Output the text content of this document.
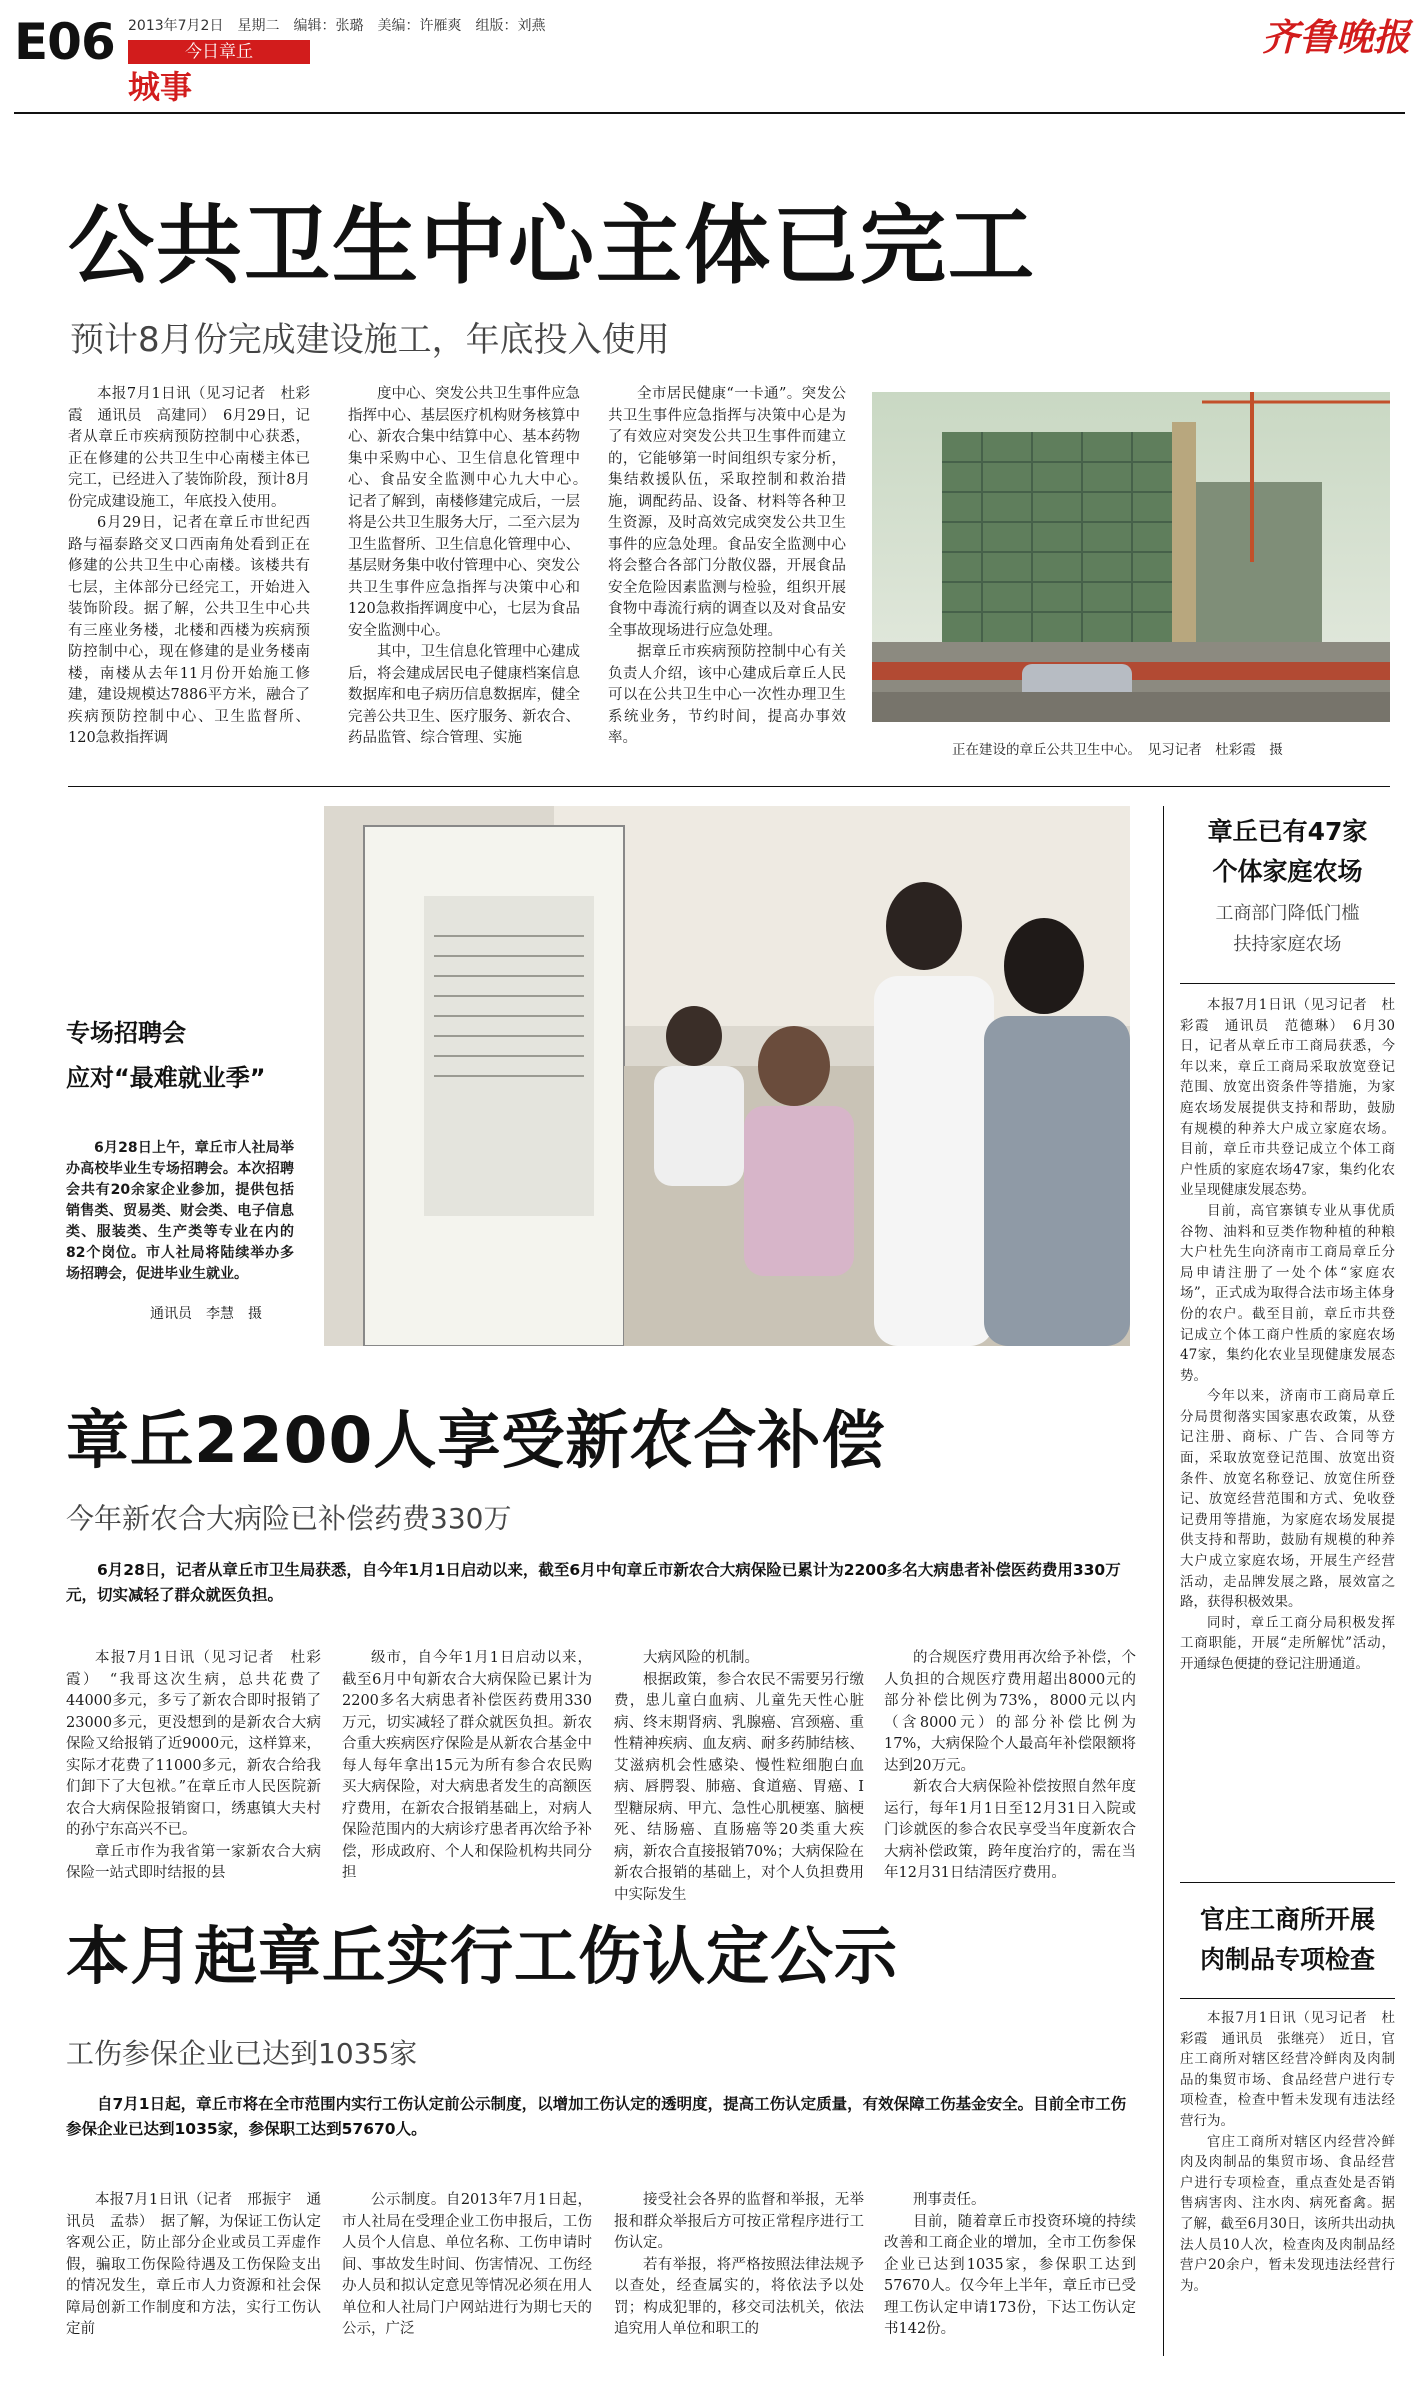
E06 2013年7月2日　星期二　编辑：张璐　美编：许雁爽　组版：刘燕
今日章丘
城事
齐鲁晚报
公共卫生中心主体已完工
预计8月份完成建设施工，年底投入使用

本报7月1日讯（见习记者　杜彩霞　通讯员　高建同）　6月29日，记者从章丘市疾病预防控制中心获悉，正在修建的公共卫生中心南楼主体已完工，已经进入了装饰阶段，预计8月份完成建设施工，年底投入使用。

6月29日，记者在章丘市世纪西路与福泰路交叉口西南角处看到正在修建的公共卫生中心南楼。该楼共有七层，主体部分已经完工，开始进入装饰阶段。据了解，公共卫生中心共有三座业务楼，北楼和西楼为疾病预防控制中心，现在修建的是业务楼南楼，南楼从去年11月份开始施工修建，建设规模达7886平方米，融合了疾病预防控制中心、卫生监督所、120急救指挥调

度中心、突发公共卫生事件应急指挥中心、基层医疗机构财务核算中心、新农合集中结算中心、基本药物集中采购中心、卫生信息化管理中心、食品安全监测中心九大中心。　记者了解到，南楼修建完成后，一层将是公共卫生服务大厅，二至六层为卫生监督所、卫生信息化管理中心、基层财务集中收付管理中心、突发公共卫生事件应急指挥与决策中心和120急救指挥调度中心，七层为食品安全监测中心。

其中，卫生信息化管理中心建成后，将会建成居民电子健康档案信息数据库和电子病历信息数据库，健全完善公共卫生、医疗服务、新农合、药品监管、综合管理、实施

全市居民健康“一卡通”。突发公共卫生事件应急指挥与决策中心是为了有效应对突发公共卫生事件而建立的，它能够第一时间组织专家分析，集结救援队伍，采取控制和救治措施，调配药品、设备、材料等各种卫生资源，及时高效完成突发公共卫生事件的应急处理。食品安全监测中心将会整合各部门分散仪器，开展食品安全危险因素监测与检验，组织开展食物中毒流行病的调查以及对食品安全事故现场进行应急处理。

据章丘市疾病预防控制中心有关负责人介绍，该中心建成后章丘人民可以在公共卫生中心一次性办理卫生系统业务，节约时间，提高办事效率。

正在建设的章丘公共卫生中心。　见习记者　杜彩霞　摄
专场招聘会
应对“最难就业季”
6月28日上午，章丘市人社局举办高校毕业生专场招聘会。本次招聘会共有20余家企业参加，提供包括销售类、贸易类、财会类、电子信息类、服装类、生产类等专业在内的82个岗位。市人社局将陆续举办多场招聘会，促进毕业生就业。
通讯员　李慧　摄
章丘2200人享受新农合补偿
今年新农合大病险已补偿药费330万
6月28日，记者从章丘市卫生局获悉，自今年1月1日启动以来，截至6月中旬章丘市新农合大病保险已累计为2200多名大病患者补偿医药费用330万元，切实减轻了群众就医负担。

本报7月1日讯（见习记者　杜彩霞）　“我哥这次生病，总共花费了44000多元，多亏了新农合即时报销了23000多元，更没想到的是新农合大病保险又给报销了近9000元，这样算来，实际才花费了11000多元，新农合给我们卸下了大包袱。”在章丘市人民医院新农合大病保险报销窗口，绣惠镇大夫村的孙宁东高兴不已。

章丘市作为我省第一家新农合大病保险一站式即时结报的县

级市，自今年1月1日启动以来，截至6月中旬新农合大病保险已累计为2200多名大病患者补偿医药费用330万元，切实减轻了群众就医负担。新农合重大疾病医疗保险是从新农合基金中每人每年拿出15元为所有参合农民购买大病保险，对大病患者发生的高额医疗费用，在新农合报销基础上，对病人保险范围内的大病诊疗患者再次给予补偿，形成政府、个人和保险机构共同分担

大病风险的机制。

根据政策，参合农民不需要另行缴费，患儿童白血病、儿童先天性心脏病、终末期肾病、乳腺癌、宫颈癌、重性精神疾病、血友病、耐多药肺结核、艾滋病机会性感染、慢性粒细胞白血病、唇腭裂、肺癌、食道癌、胃癌、Ⅰ型糖尿病、甲亢、急性心肌梗塞、脑梗死、结肠癌、直肠癌等20类重大疾病，新农合直接报销70%；大病保险在新农合报销的基础上，对个人负担费用中实际发生

的合规医疗费用再次给予补偿，个人负担的合规医疗费用超出8000元的部分补偿比例为73%，8000元以内（含8000元）的部分补偿比例为17%，大病保险个人最高年补偿限额将达到20万元。

新农合大病保险补偿按照自然年度运行，每年1月1日至12月31日入院或门诊就医的参合农民享受当年度新农合大病补偿政策，跨年度治疗的，需在当年12月31日结清医疗费用。

本月起章丘实行工伤认定公示
工伤参保企业已达到1035家
自7月1日起，章丘市将在全市范围内实行工伤认定前公示制度，以增加工伤认定的透明度，提高工伤认定质量，有效保障工伤基金安全。目前全市工伤参保企业已达到1035家，参保职工达到57670人。

本报7月1日讯（记者　邢振宇　通讯员　孟恭）　据了解，为保证工伤认定客观公正，防止部分企业或员工弄虚作假，骗取工伤保险待遇及工伤保险支出的情况发生，章丘市人力资源和社会保障局创新工作制度和方法，实行工伤认定前

公示制度。自2013年7月1日起，市人社局在受理企业工伤申报后，工伤人员个人信息、单位名称、工伤申请时间、事故发生时间、伤害情况、工伤经办人员和拟认定意见等情况必须在用人单位和人社局门户网站进行为期七天的公示，广泛

接受社会各界的监督和举报，无举报和群众举报后方可按正常程序进行工伤认定。

若有举报，将严格按照法律法规予以查处，经查属实的，将依法予以处罚；构成犯罪的，移交司法机关，依法追究用人单位和职工的

刑事责任。

目前，随着章丘市投资环境的持续改善和工商企业的增加，全市工伤参保企业已达到1035家，参保职工达到57670人。仅今年上半年，章丘市已受理工伤认定申请173份，下达工伤认定书142份。

章丘已有47家
个体家庭农场
工商部门降低门槛
扶持家庭农场

本报7月1日讯（见习记者　杜彩霞　通讯员　范德琳）　6月30日，记者从章丘市工商局获悉，今年以来，章丘工商局采取放宽登记范围、放宽出资条件等措施，为家庭农场发展提供支持和帮助，鼓励有规模的种养大户成立家庭农场。目前，章丘市共登记成立个体工商户性质的家庭农场47家，集约化农业呈现健康发展态势。

目前，高官寨镇专业从事优质谷物、油料和豆类作物种植的种粮大户杜先生向济南市工商局章丘分局申请注册了一处个体“家庭农场”，正式成为取得合法市场主体身份的农户。截至目前，章丘市共登记成立个体工商户性质的家庭农场47家，集约化农业呈现健康发展态势。

今年以来，济南市工商局章丘分局贯彻落实国家惠农政策，从登记注册、商标、广告、合同等方面，采取放宽登记范围、放宽出资条件、放宽名称登记、放宽住所登记、放宽经营范围和方式、免收登记费用等措施，为家庭农场发展提供支持和帮助，鼓励有规模的种养大户成立家庭农场，开展生产经营活动，走品牌发展之路，展效富之路，获得积极效果。

同时，章丘工商分局积极发挥工商职能，开展“走所解忧”活动，开通绿色便捷的登记注册通道。

官庄工商所开展
肉制品专项检查

本报7月1日讯（见习记者　杜彩霞　通讯员　张继亮）　近日，官庄工商所对辖区经营冷鲜肉及肉制品的集贸市场、食品经营户进行专项检查，检查中暂未发现有违法经营行为。

官庄工商所对辖区内经营冷鲜肉及肉制品的集贸市场、食品经营户进行专项检查，重点查处是否销售病害肉、注水肉、病死畜禽。据了解，截至6月30日，该所共出动执法人员10人次，检查肉及肉制品经营户20余户，暂未发现违法经营行为。
